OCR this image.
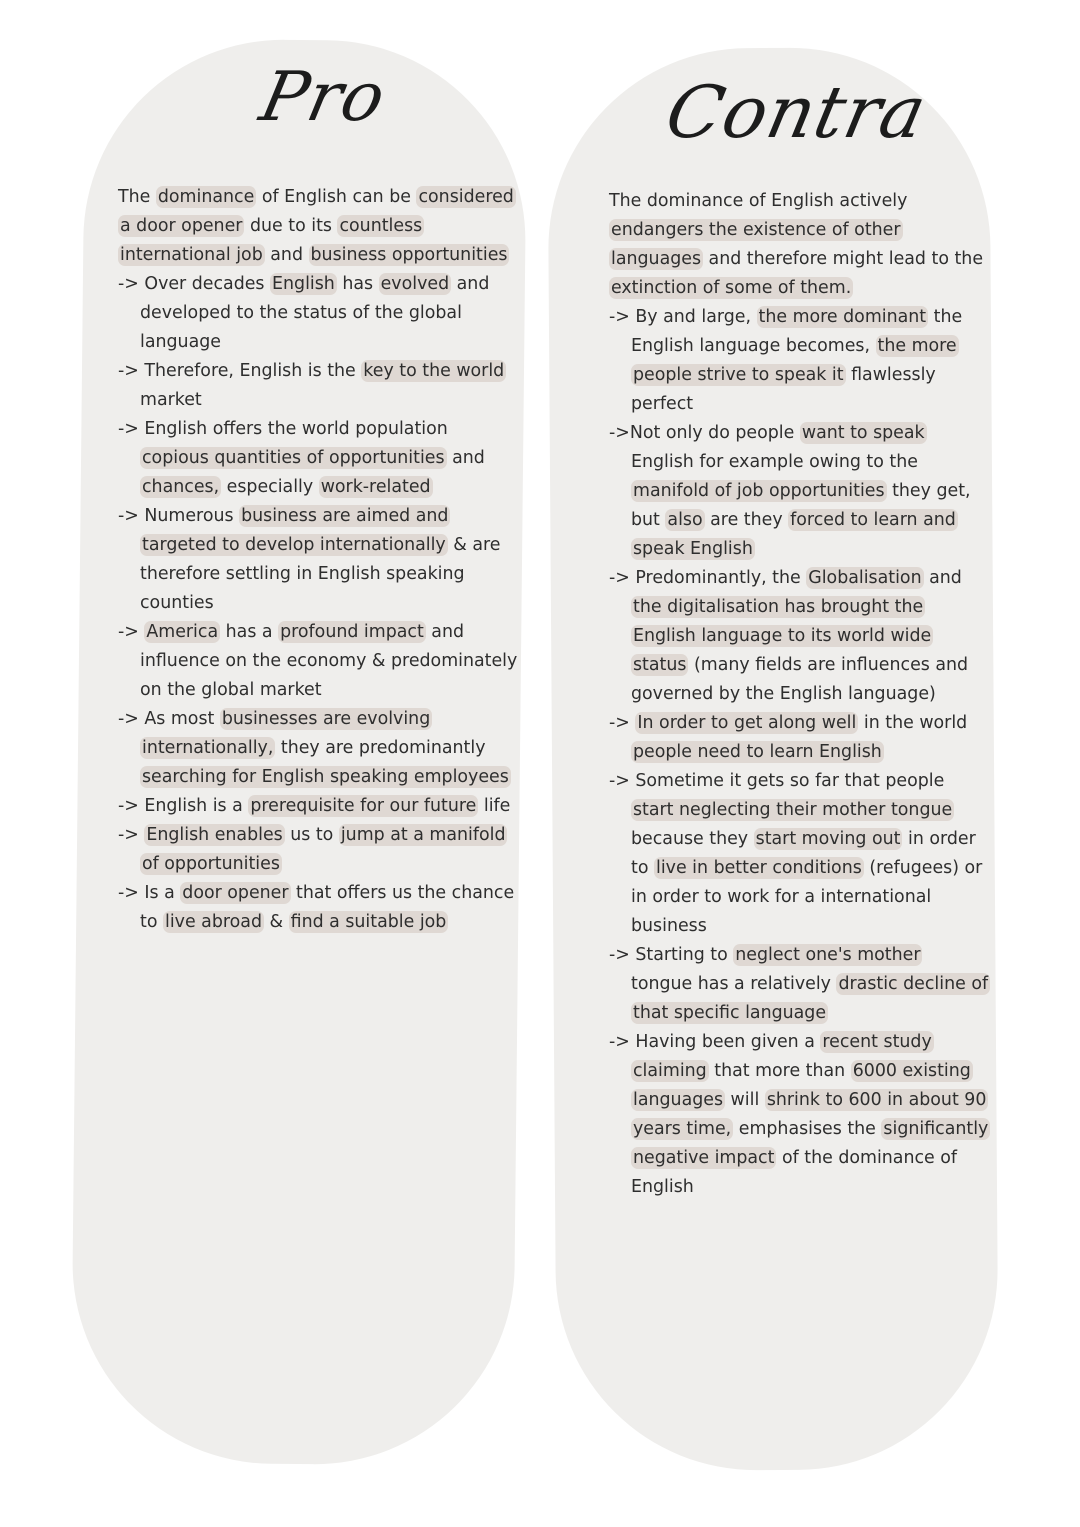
Pro	Contra

The dominance of English can be considered a door opener due to its countless international job and business opportunities

-> Over decades English has evolved and developed to the status of the global language

-> Therefore, English is the key to the world market

-> English offers the world population copious quantities of opportunities and chances, especially work-related

-> Numerous business are aimed and targeted to develop internationally & are therefore settling in English speaking counties

-> America has a profound impact and influence on the economy & predominately on the global market

-> As most businesses are evolving internationally, they are predominantly searching for English speaking employees

-> English is a prerequisite for our future life

-> English enables us to jump at a manifold of opportunities

-> Is a door opener that offers us the chance to live abroad & find a suitable job

The dominance of English actively endangers the existence of other languages and therefore might lead to the extinction of some of them.

-> By and large, the more dominant the English language becomes, the more people strive to speak it flawlessly perfect

->Not only do people want to speak English for example owing to the manifold of job opportunities they get, but also are they forced to learn and speak English

-> Predominantly, the Globalisation and the digitalisation has brought the English language to its world wide status (many fields are influences and governed by the English language)

-> In order to get along well in the world people need to learn English

-> Sometime it gets so far that people start neglecting their mother tongue because they start moving out in order to live in better conditions (refugees) or in order to work for a international business

-> Starting to neglect one's mother tongue has a relatively drastic decline of that specific language

-> Having been given a recent study claiming that more than 6000 existing languages will shrink to 600 in about 90 years time, emphasises the significantly negative impact of the dominance of English
